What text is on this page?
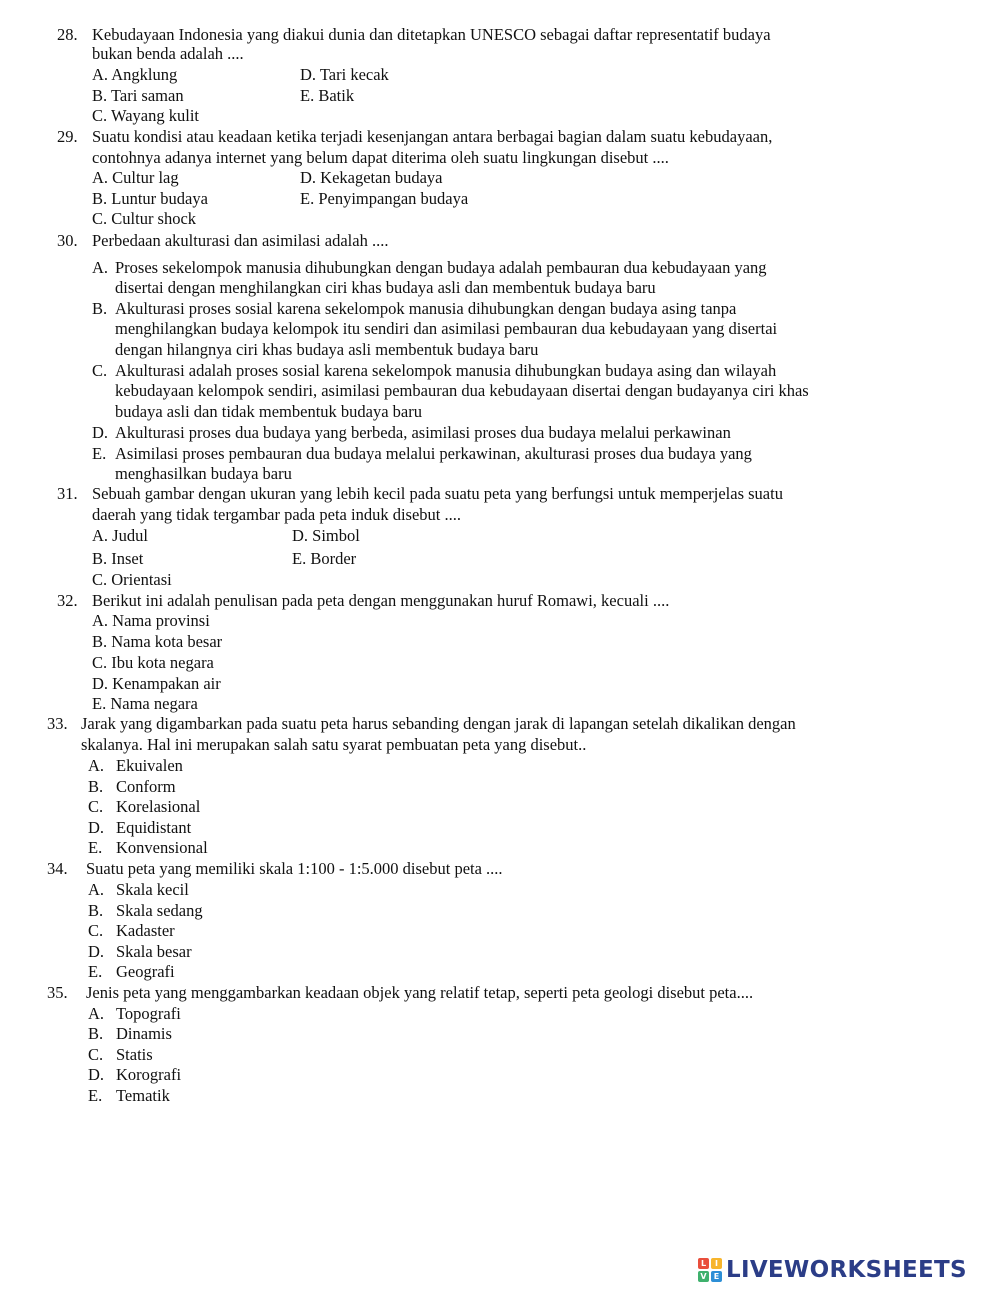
28. Kebudayaan Indonesia yang diakui dunia dan ditetapkan UNESCO sebagai daftar representatif budaya
bukan benda adalah ....
A. Angklung	D. Tari kecak
B. Tari saman	E. Batik
C. Wayang kulit
29. Suatu kondisi atau keadaan ketika terjadi kesenjangan antara berbagai bagian dalam suatu kebudayaan,
contohnya adanya internet yang belum dapat diterima oleh suatu lingkungan disebut ....
A. Cultur lag	D. Kekagetan budaya
B. Luntur budaya	E. Penyimpangan budaya
C. Cultur shock
30. Perbedaan akulturasi dan asimilasi adalah ....
A. Proses sekelompok manusia dihubungkan dengan budaya adalah pembauran dua kebudayaan yang
disertai dengan menghilangkan ciri khas budaya asli dan membentuk budaya baru
B. Akulturasi proses sosial karena sekelompok manusia dihubungkan dengan budaya asing tanpa
menghilangkan budaya kelompok itu sendiri dan asimilasi pembauran dua kebudayaan yang disertai
dengan hilangnya ciri khas budaya asli membentuk budaya baru
C. Akulturasi adalah proses sosial karena sekelompok manusia dihubungkan budaya asing dan wilayah
kebudayaan kelompok sendiri, asimilasi pembauran dua kebudayaan disertai dengan budayanya ciri khas
budaya asli dan tidak membentuk budaya baru
D. Akulturasi proses dua budaya yang berbeda, asimilasi proses dua budaya melalui perkawinan
E. Asimilasi proses pembauran dua budaya melalui perkawinan, akulturasi proses dua budaya yang
menghasilkan budaya baru
31. Sebuah gambar dengan ukuran yang lebih kecil pada suatu peta yang berfungsi untuk memperjelas suatu
daerah yang tidak tergambar pada peta induk disebut ....
A. Judul	D. Simbol
B. Inset	E. Border
C. Orientasi
32. Berikut ini adalah penulisan pada peta dengan menggunakan huruf Romawi, kecuali ....
A. Nama provinsi
B. Nama kota besar
C. Ibu kota negara
D. Kenampakan air
E. Nama negara
33. Jarak yang digambarkan pada suatu peta harus sebanding dengan jarak di lapangan setelah dikalikan dengan
skalanya. Hal ini merupakan salah satu syarat pembuatan peta yang disebut..
A. Ekuivalen
B. Conform
C. Korelasional
D. Equidistant
E. Konvensional
34. Suatu peta yang memiliki skala 1:100 - 1:5.000 disebut peta ....
A. Skala kecil
B. Skala sedang
C. Kadaster
D. Skala besar
E. Geografi
35. Jenis peta yang menggambarkan keadaan objek yang relatif tetap, seperti peta geologi disebut peta....
A. Topografi
B. Dinamis
C. Statis
D. Korografi
E. Tematik
L	I
V E LIVEWORKSHEETS
